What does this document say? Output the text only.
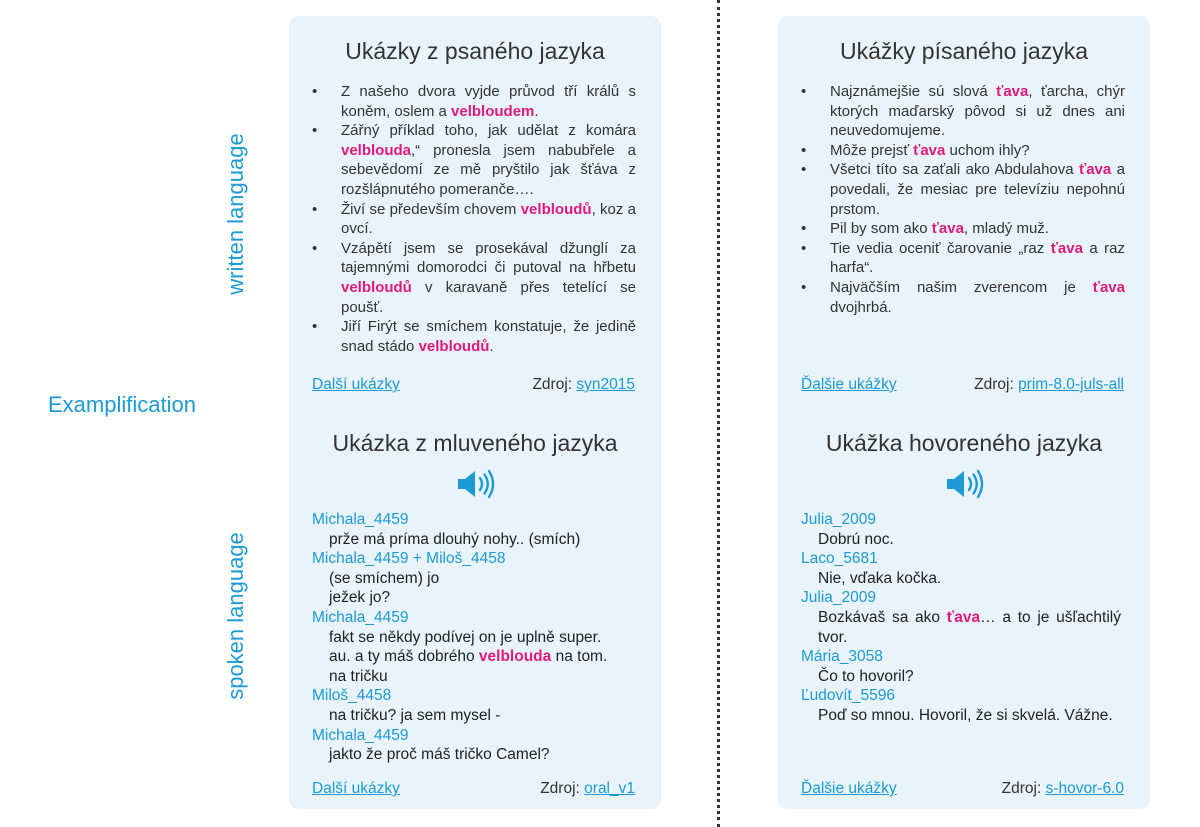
written language
Examplification
spoken language
Ukázky z psaného jazyka
• Z našeho dvora vyjde průvod tří králů s koněm, oslem a velbloudem.
• Zářný příklad toho, jak udělat z komára velblouda,“ pronesla jsem nabubřele a sebevědomí ze mě pryštilo jak šťáva z rozšlápnutého pomeranče….
• Živí se především chovem velbloudů, koz a ovcí.
• Vzápětí jsem se prosekával džunglí za tajemnými domorodci či putoval na hřbetu velbloudů v karavaně přes tetelící se poušť.
• Jiří Firýt se smíchem konstatuje, že jedině snad stádo velbloudů.
Další ukázky	Zdroj: syn2015
Ukázka z mluveného jazyka
Michala_4459
prže má príma dlouhý nohy.. (smích)
Michala_4459 + Miloš_4458
(se smíchem) jo
ježek jo?
Michala_4459
fakt se někdy podívej on je uplně super.
au. a ty máš dobrého velblouda na tom.
na tričku
Miloš_4458
na tričku? ja sem mysel -
Michala_4459
jakto že proč máš tričko Camel?
Další ukázky	Zdroj: oral_v1
Ukážky písaného jazyka
• Najznámejšie sú slová ťava, ťarcha, chýr ktorých maďarský pôvod si už dnes ani neuvedomujeme.
• Môže prejsť ťava uchom ihly?
• Všetci títo sa zaťali ako Abdulahova ťava a povedali, že mesiac pre televíziu nepohnú prstom.
• Pil by som ako ťava, mladý muž.
• Tie vedia oceniť čarovanie „raz ťava a raz harfa“.
• Najväčším našim zverencom je ťava dvojhrbá.
Ďalšie ukážky	Zdroj: prim-8.0-juls-all
Ukážka hovoreného jazyka
Julia_2009
Dobrú noc.
Laco_5681
Nie, vďaka kočka.
Julia_2009
Bozkávaš sa ako ťava… a to je ušľachtilý tvor.
Mária_3058
Čo to hovoril?
Ľudovít_5596
Poď so mnou. Hovoril, že si skvelá. Vážne.
Ďalšie ukážky	Zdroj: s-hovor-6.0
